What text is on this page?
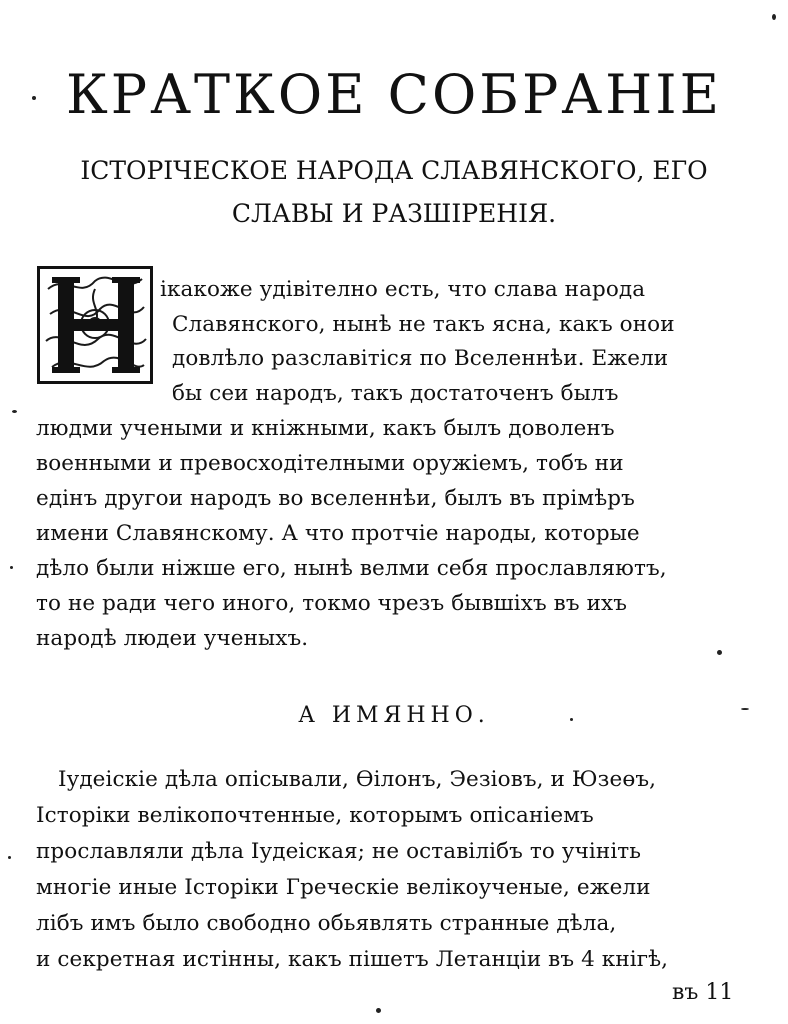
КРАТКОЕ СОБРАНІЕ
ІСТОРІЧЕСКОЕ НАРОДА СЛАВЯНСКОГО, ЕГО
СЛАВЫ И РАЗШІРЕНІЯ.
ікакоже удівітелно есть, что слава народа
Славянского, нынѣ не такъ ясна, какъ онои
довлѣло разславітіся по Вселеннѣи. Ежели
бы сеи народъ, такъ достаточенъ былъ
людми учеными и кніжными, какъ былъ доволенъ
военными и превосходітелными оружіемъ, тобъ ни
едінъ другои народъ во вселеннѣи, былъ въ прімѣръ
имени Славянскому. А что протчіе народы, которые
дѣло были ніжше его, нынѣ велми себя прославляютъ,
то не ради чего иного, токмо чрезъ бывшіхъ въ ихъ
народѣ людеи ученыхъ.
А ИМЯННО.
Іудеіскіе дѣла опісывали, Өілонъ, Эезіовъ, и Юзеөъ,
Історіки велікопочтенные, которымъ опісаніемъ
прославляли дѣла Іудеіская; не оставілібъ то учініть
многіе иные Історіки Греческіе велікоученые, ежели
лібъ имъ было свободно обьявлять странные дѣла,
и секретная истінны, какъ пішетъ Летанціи въ 4 кнігѣ,
въ 11
